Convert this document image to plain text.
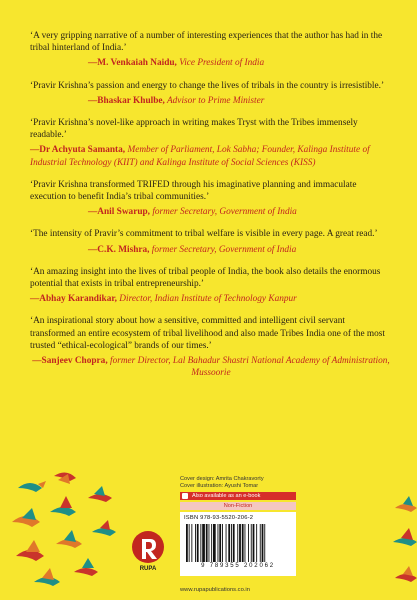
‘A very gripping narrative of a number of interesting experiences that the author has had in the tribal hinterland of India.’
—M. Venkaiah Naidu, Vice President of India
‘Pravir Krishna’s passion and energy to change the lives of tribals in the country is irresistible.’
—Bhaskar Khulbe, Advisor to Prime Minister
‘Pravir Krishna’s novel-like approach in writing makes Tryst with the Tribes immensely readable.’
—Dr Achyuta Samanta, Member of Parliament, Lok Sabha; Founder, Kalinga Institute of Industrial Technology (KIIT) and Kalinga Institute of Social Sciences (KISS)
‘Pravir Krishna transformed TRIFED through his imaginative planning and immaculate execution to benefit India’s tribal communities.’
—Anil Swarup, former Secretary, Government of India
‘The intensity of Pravir’s commitment to tribal welfare is visible in every page. A great read.’
—C.K. Mishra, former Secretary, Government of India
‘An amazing insight into the lives of tribal people of India, the book also details the enormous potential that exists in tribal entrepreneurship.’
—Abhay Karandikar, Director, Indian Institute of Technology Kanpur
‘An inspirational story about how a sensitive, committed and intelligent civil servant transformed an entire ecosystem of tribal livelihood and also made Tribes India one of the most trusted “ethical-ecological” brands of our times.’
—Sanjeev Chopra, former Director, Lal Bahadur Shastri National Academy of Administration, Mussoorie
Cover design: Amrita Chakravorty
Cover illustration: Ayushi Tomar
Also available as an e-book
Non-Fiction
ISBN 978-93-5520-206-2
9 789355 202062
RUPA
www.rupapublications.co.in
